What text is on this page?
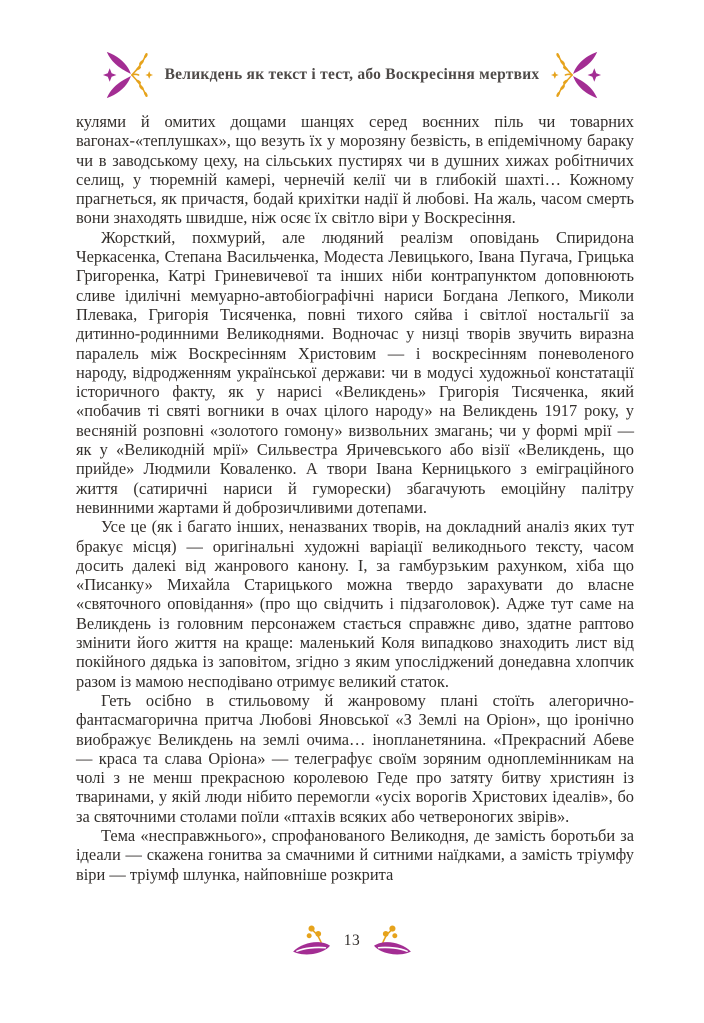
Великдень як текст і тест, або Воскресіння мертвих

кулями й омитих дощами шанцях серед воєнних піль чи товарних вагонах-«теплушках», що везуть їх у морозяну безвість, в епідемічному бараку чи в заводському цеху, на сільських пустирях чи в душних хижах робітничих селищ, у тюремній камері, чернечій келії чи в глибокій шахті… Кожному прагнеться, як причастя, бодай крихітки надії й любові. На жаль, часом смерть вони знаходять швидше, ніж осяє їх світло віри у Воскресіння.

Жорсткий, похмурий, але людяний реалізм оповідань Спиридона Черкасенка, Степана Васильченка, Модеста Левицького, Івана Пугача, Грицька Григоренка, Катрі Гриневичевої та інших ніби контрапунктом доповнюють сливе ідилічні мемуарно-автобіографічні нариси Богдана Лепкого, Миколи Плевака, Григорія Тисяченка, повні тихого сяйва і світлої ностальгії за дитинно-родинними Великоднями. Водночас у низці творів звучить виразна паралель між Воскресінням Христовим — і воскресінням поневоленого народу, відродженням української держави: чи в модусі художньої констатації історичного факту, як у нарисі «Великдень» Григорія Тисяченка, який «побачив ті святі вогники в очах цілого народу» на Великдень 1917 року, у весняній розповні «золотого гомону» визвольних змагань; чи у формі мрії — як у «Великодній мрії» Сильвестра Яричевського або візії «Великдень, що прийде» Людмили Коваленко. А твори Івана Керницького з еміграційного життя (сатиричні нариси й гуморески) збагачують емоційну палітру невинними жартами й доброзичливими дотепами.

Усе це (як і багато інших, неназваних творів, на докладний аналіз яких тут бракує місця) — оригінальні художні варіації великоднього тексту, часом досить далекі від жанрового канону. І, за гамбурзьким рахунком, хіба що «Писанку» Михайла Старицького можна твердо зарахувати до власне «святочного оповідання» (про що свідчить і підзаголовок). Адже тут саме на Великдень із головним персонажем стається справжнє диво, здатне раптово змінити його життя на краще: маленький Коля випадково знаходить лист від покійного дядька із заповітом, згідно з яким упосліджений донедавна хлопчик разом із мамою несподівано отримує великий статок.

Геть осібно в стильовому й жанровому плані стоїть алегорично-фантасмагорична притча Любові Яновської «З Землі на Оріон», що іронічно виображує Великдень на землі очима… інопланетянина. «Прекрасний Абеве — краса та слава Оріона» — телеграфує своїм зоряним одноплемінникам на чолі з не менш прекрасною королевою Геде про затяту битву християн із тваринами, у якій люди нібито перемогли «усіх ворогів Христових ідеалів», бо за святочними столами поїли «птахів всяких або четвероногих звірів».

Тема «несправжнього», спрофанованого Великодня, де замість боротьби за ідеали — скажена гонитва за смачними й ситними наїдками, а замість тріумфу віри — тріумф шлунка, найповніше розкрита

13
